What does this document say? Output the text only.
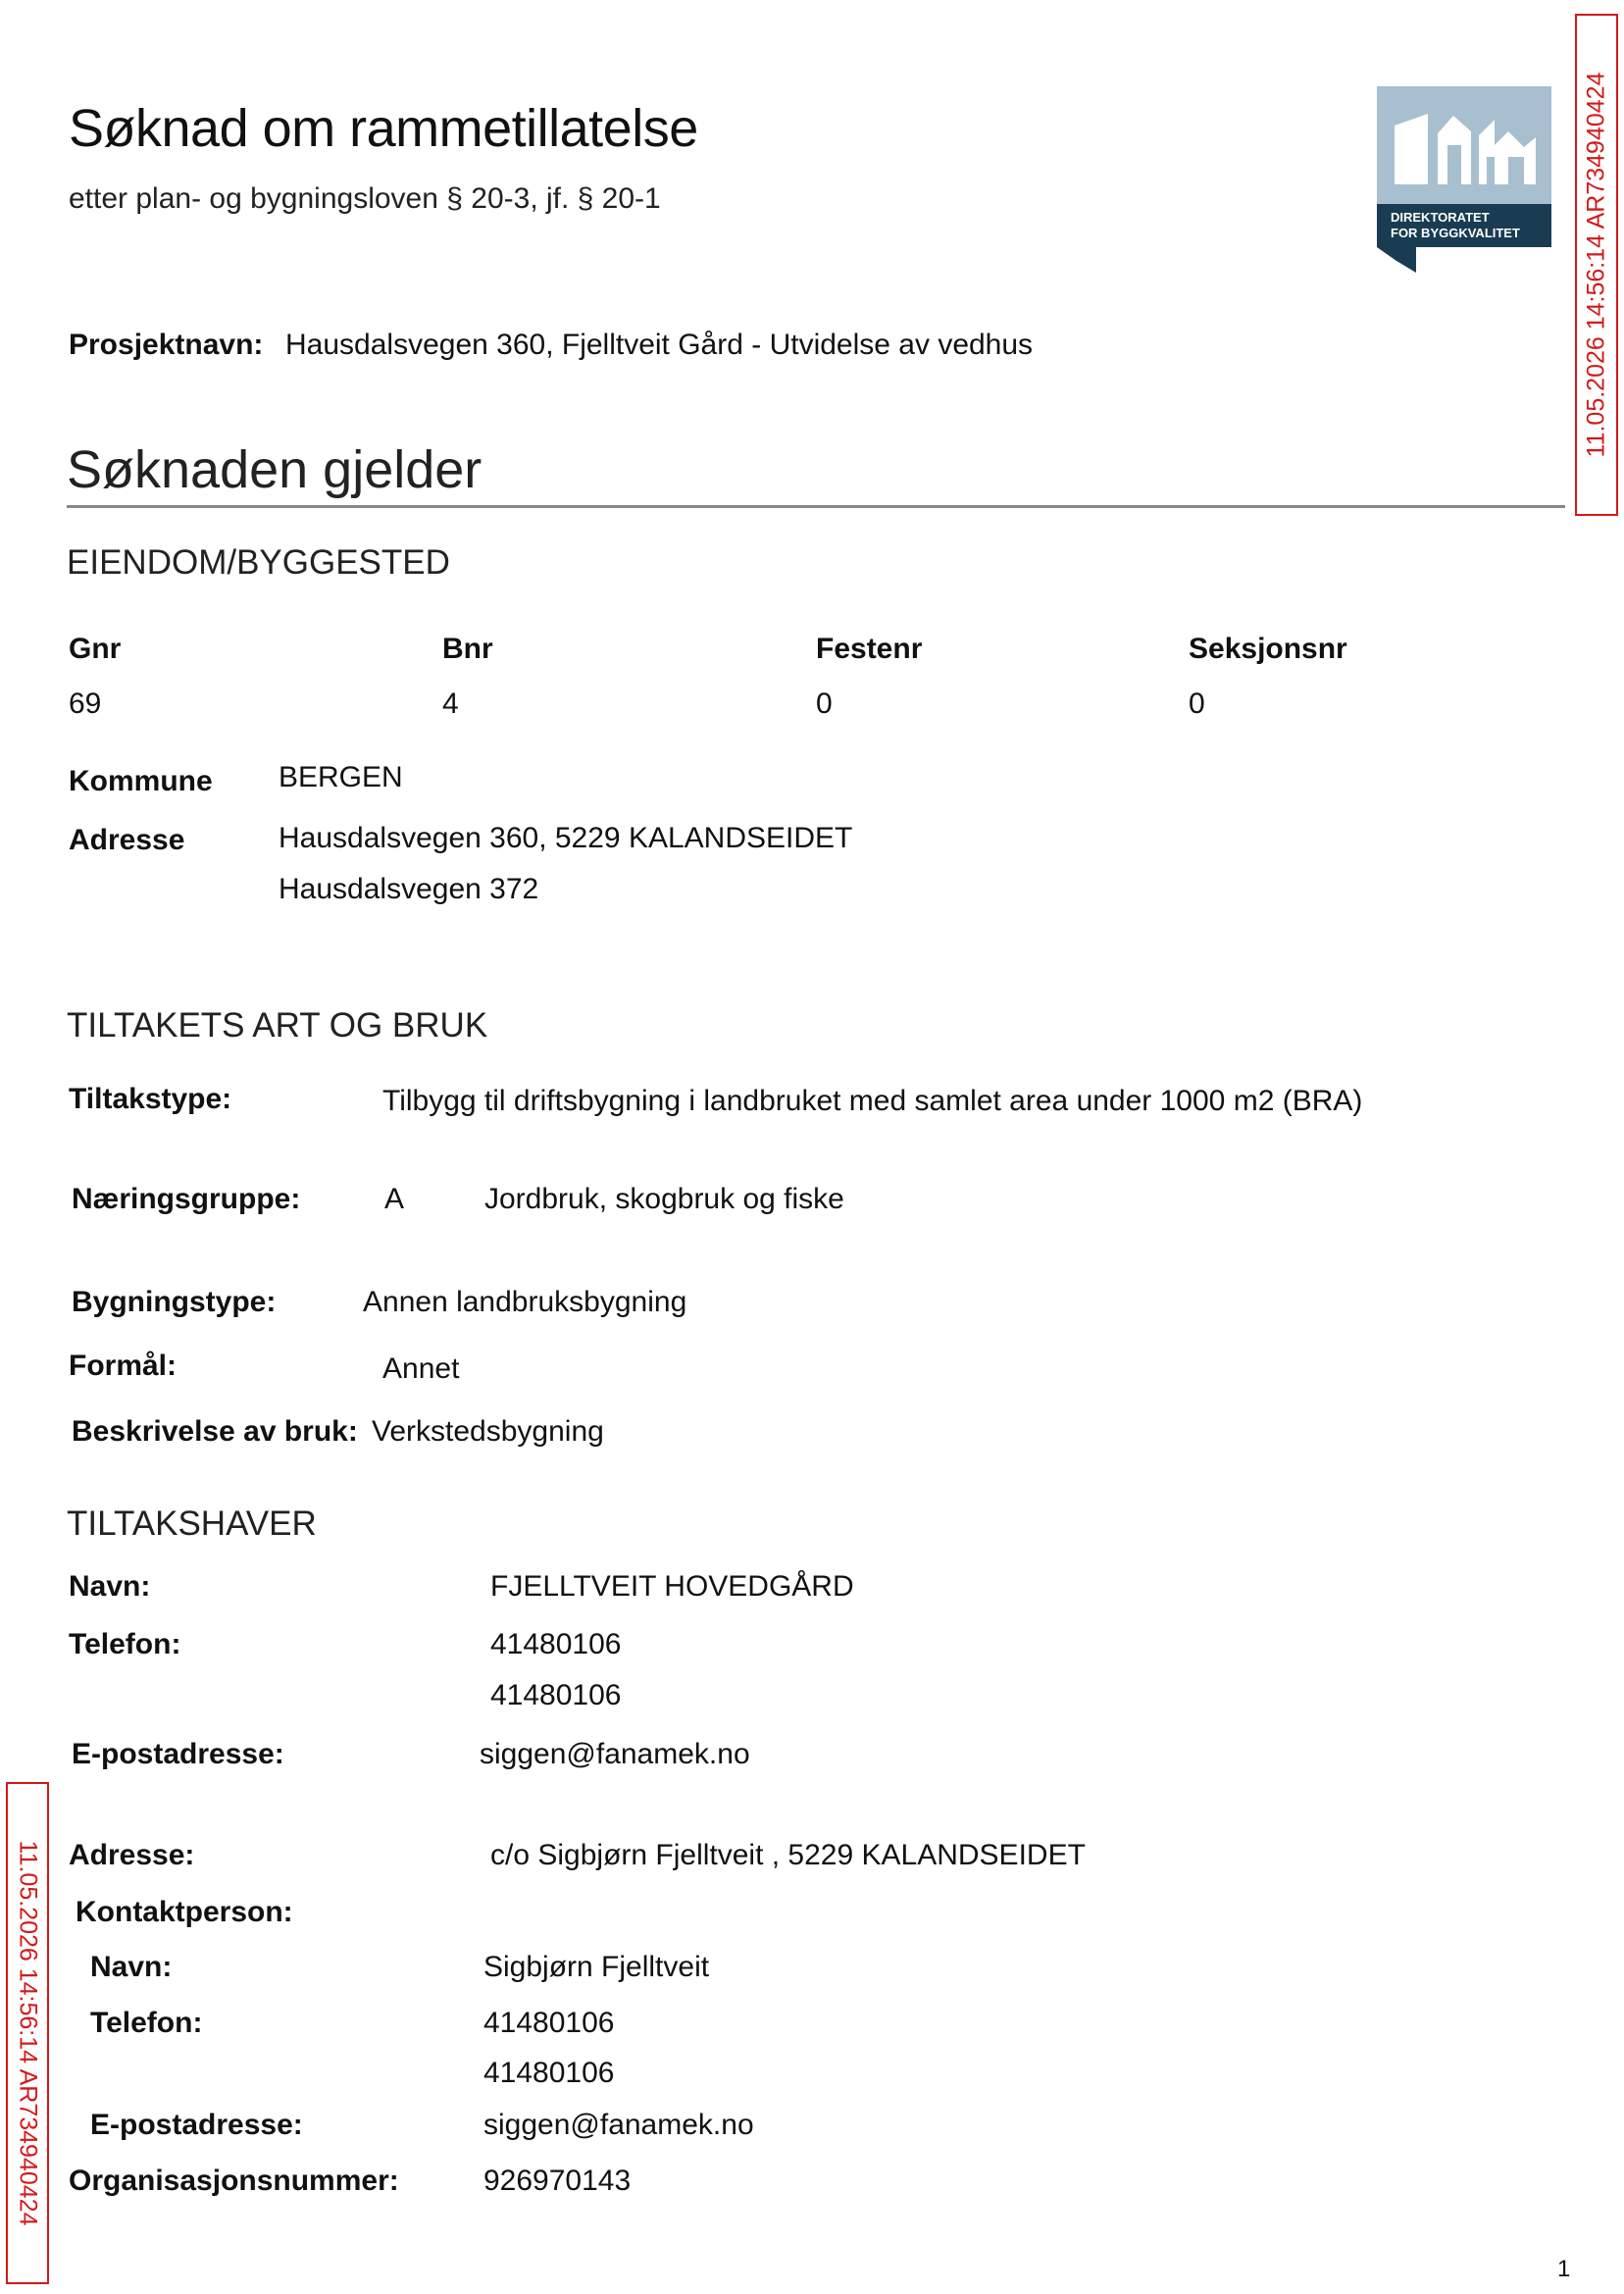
Søknad om rammetillatelse
etter plan- og bygningsloven § 20-3, jf. § 20-1
DIREKTORATET
FOR BYGGKVALITET
Prosjektnavn: Hausdalsvegen 360, Fjelltveit Gård - Utvidelse av vedhus
Søknaden gjelder
EIENDOM/BYGGESTED
Gnr	Bnr	Festenr	Seksjonsnr
69	4	0	0
Kommune BERGEN
Adresse	Hausdalsvegen 360, 5229 KALANDSEIDET
Hausdalsvegen 372
TILTAKETS ART OG BRUK
Tiltakstype:	Tilbygg til driftsbygning i landbruket med samlet area under 1000 m2 (BRA)
Næringsgruppe:	A	Jordbruk, skogbruk og fiske
Bygningstype:	Annen landbruksbygning
Formål:	Annet
Beskrivelse av bruk: Verkstedsbygning
TILTAKSHAVER
Navn:	FJELLTVEIT HOVEDGÅRD
Telefon:	41480106
41480106
E-postadresse:	siggen@fanamek.no
Adresse:	c/o Sigbjørn Fjelltveit , 5229 KALANDSEIDET
Kontaktperson:
Navn:	Sigbjørn Fjelltveit
Telefon:	41480106
41480106
E-postadresse:	siggen@fanamek.no
Organisasjonsnummer:	926970143
11.05.2026 14:56:14 AR734940424
11.05.2026 14:56:14 AR734940424
1
